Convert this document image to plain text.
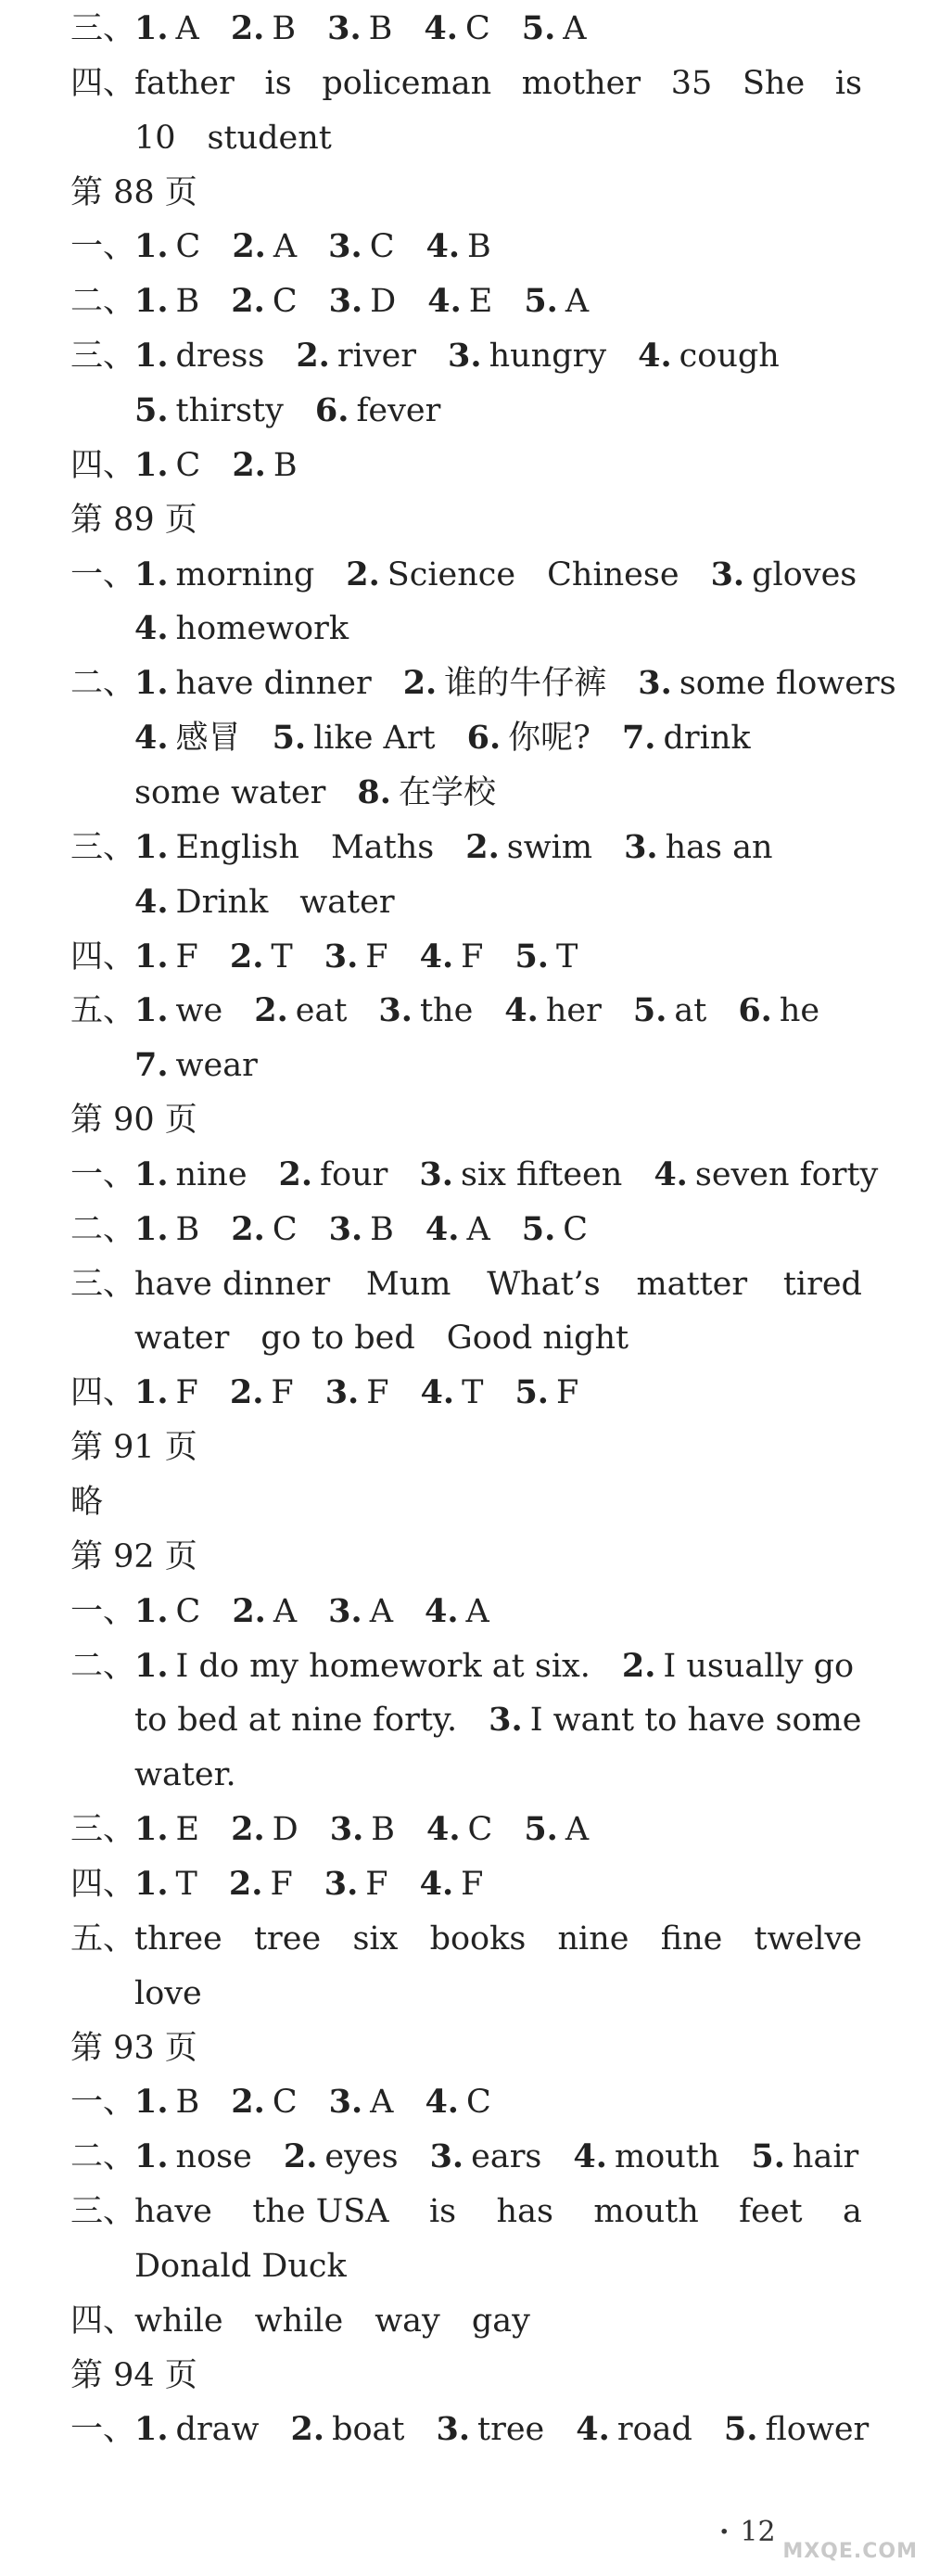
三、
1. A 2. B 3. B 4. C 5. A
四、
father is policeman mother 35 She is
10 student
第 88 页
一、
1. C 2. A 3. C 4. B
二、
1. B 2. C 3. D 4. E 5. A
三、
1. dress 2. river 3. hungry 4. cough
5. thirsty 6. fever
四、
1. C 2. B
第 89 页
一、
1. morning 2. Science Chinese 3. gloves
4. homework
二、
1. have dinner 2. 谁的牛仔裤 3. some flowers
4. 感冒 5. like Art 6. 你呢? 7. drink
some water 8. 在学校
三、
1. English Maths 2. swim 3. has an
4. Drink water
四、
1. F 2. T 3. F 4. F 5. T
五、
1. we 2. eat 3. the 4. her 5. at 6. he
7. wear
第 90 页
一、
1. nine 2. four 3. six fifteen 4. seven forty
二、
1. B 2. C 3. B 4. A 5. C
三、
have dinner Mum What’s matter tired
water go to bed Good night
四、
1. F 2. F 3. F 4. T 5. F
第 91 页
略
第 92 页
一、
1. C 2. A 3. A 4. A
二、
1. I do my homework at six. 2. I usually go
to bed at nine forty. 3. I want to have some
water.
三、
1. E 2. D 3. B 4. C 5. A
四、
1. T 2. F 3. F 4. F
五、
three tree six books nine fine twelve
love
第 93 页
一、
1. B 2. C 3. A 4. C
二、
1. nose 2. eyes 3. ears 4. mouth 5. hair
三、
have the USA is has mouth feet a
Donald Duck
四、
while while way gay
第 94 页
一、
1. draw 2. boat 3. tree 4. road 5. flower
· 12
MXQE.COM
